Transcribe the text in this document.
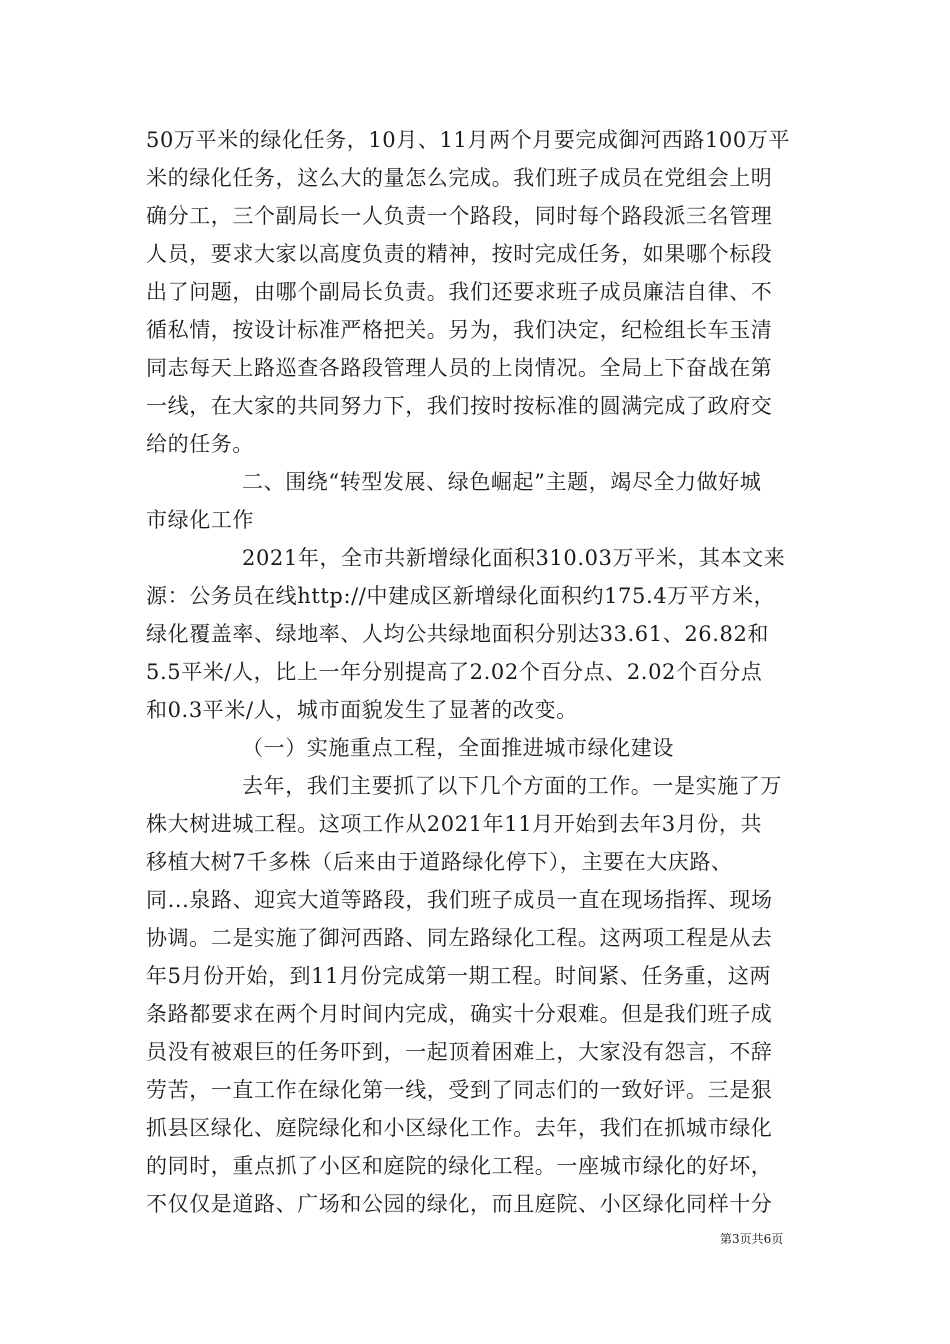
50万平米的绿化任务，10月、11月两个月要完成御河西路100万平
米的绿化任务，这么大的量怎么完成。我们班子成员在党组会上明
确分工，三个副局长一人负责一个路段，同时每个路段派三名管理
人员，要求大家以高度负责的精神，按时完成任务，如果哪个标段
出了问题，由哪个副局长负责。我们还要求班子成员廉洁自律、不
循私情，按设计标准严格把关。另为，我们决定，纪检组长车玉清
同志每天上路巡查各路段管理人员的上岗情况。全局上下奋战在第
一线，在大家的共同努力下，我们按时按标准的圆满完成了政府交
给的任务。
二、围绕“转型发展、绿色崛起”主题，竭尽全力做好城
市绿化工作
2021年，全市共新增绿化面积310.03万平米，其本文来
源：公务员在线http://中建成区新增绿化面积约175.4万平方米，
绿化覆盖率、绿地率、人均公共绿地面积分别达33.61、26.82和
5.5平米/人，比上一年分别提高了2.02个百分点、2.02个百分点
和0.3平米/人，城市面貌发生了显著的改变。
（一）实施重点工程，全面推进城市绿化建设
去年，我们主要抓了以下几个方面的工作。一是实施了万
株大树进城工程。这项工作从2021年11月开始到去年3月份，共
移植大树7千多株（后来由于道路绿化停下），主要在大庆路、
同...泉路、迎宾大道等路段，我们班子成员一直在现场指挥、现场
协调。二是实施了御河西路、同左路绿化工程。这两项工程是从去
年5月份开始，到11月份完成第一期工程。时间紧、任务重，这两
条路都要求在两个月时间内完成，确实十分艰难。但是我们班子成
员没有被艰巨的任务吓到，一起顶着困难上，大家没有怨言，不辞
劳苦，一直工作在绿化第一线，受到了同志们的一致好评。三是狠
抓县区绿化、庭院绿化和小区绿化工作。去年，我们在抓城市绿化
的同时，重点抓了小区和庭院的绿化工程。一座城市绿化的好坏，
不仅仅是道路、广场和公园的绿化，而且庭院、小区绿化同样十分
第3页共6页
